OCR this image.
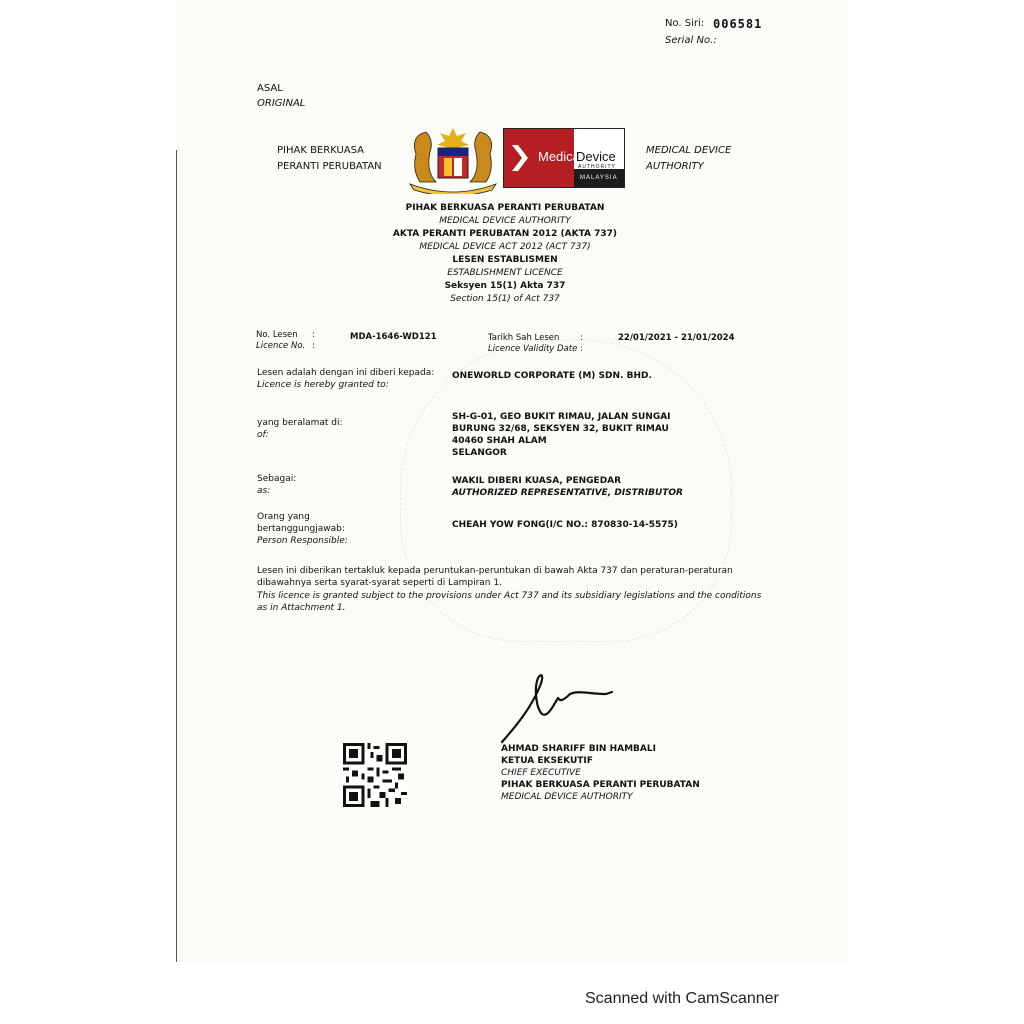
No. Siri: 006581
Serial No.:
ASAL
ORIGINAL
PIHAK BERKUASA
PERANTI PERUBATAN
MEDICAL DEVICE
AUTHORITY
Medical
Device
AUTHORITY
MALAYSIA
PIHAK BERKUASA PERANTI PERUBATAN
MEDICAL DEVICE AUTHORITY
AKTA PERANTI PERUBATAN 2012 (AKTA 737)
MEDICAL DEVICE ACT 2012 (ACT 737)
LESEN ESTABLISMEN
ESTABLISHMENT LICENCE
Seksyen 15(1) Akta 737
Section 15(1) of Act 737
No. Lesen
Licence No.
:
:
MDA-1646-WD121	Tarikh Sah Lesen
Licence Validity Date
:
:
22/01/2021 - 21/01/2024
Lesen adalah dengan ini diberi kepada:
Licence is hereby granted to:
ONEWORLD CORPORATE (M) SDN. BHD.
yang beralamat di:
of:
SH-G-01, GEO BUKIT RIMAU, JALAN SUNGAI
BURUNG 32/68, SEKSYEN 32, BUKIT RIMAU
40460 SHAH ALAM
SELANGOR
Sebagai:
as:
WAKIL DIBERI KUASA, PENGEDAR
AUTHORIZED REPRESENTATIVE, DISTRIBUTOR
Orang yang
bertanggungjawab:
Person Responsible:
CHEAH YOW FONG(I/C NO.: 870830-14-5575)
Lesen ini diberikan tertakluk kepada peruntukan-peruntukan di bawah Akta 737 dan peraturan-peraturan
dibawahnya serta syarat-syarat seperti di Lampiran 1.
This licence is granted subject to the provisions under Act 737 and its subsidiary legislations and the conditions
as in Attachment 1.
AHMAD SHARIFF BIN HAMBALI
KETUA EKSEKUTIF
CHIEF EXECUTIVE
PIHAK BERKUASA PERANTI PERUBATAN
MEDICAL DEVICE AUTHORITY
Scanned with CamScanner
